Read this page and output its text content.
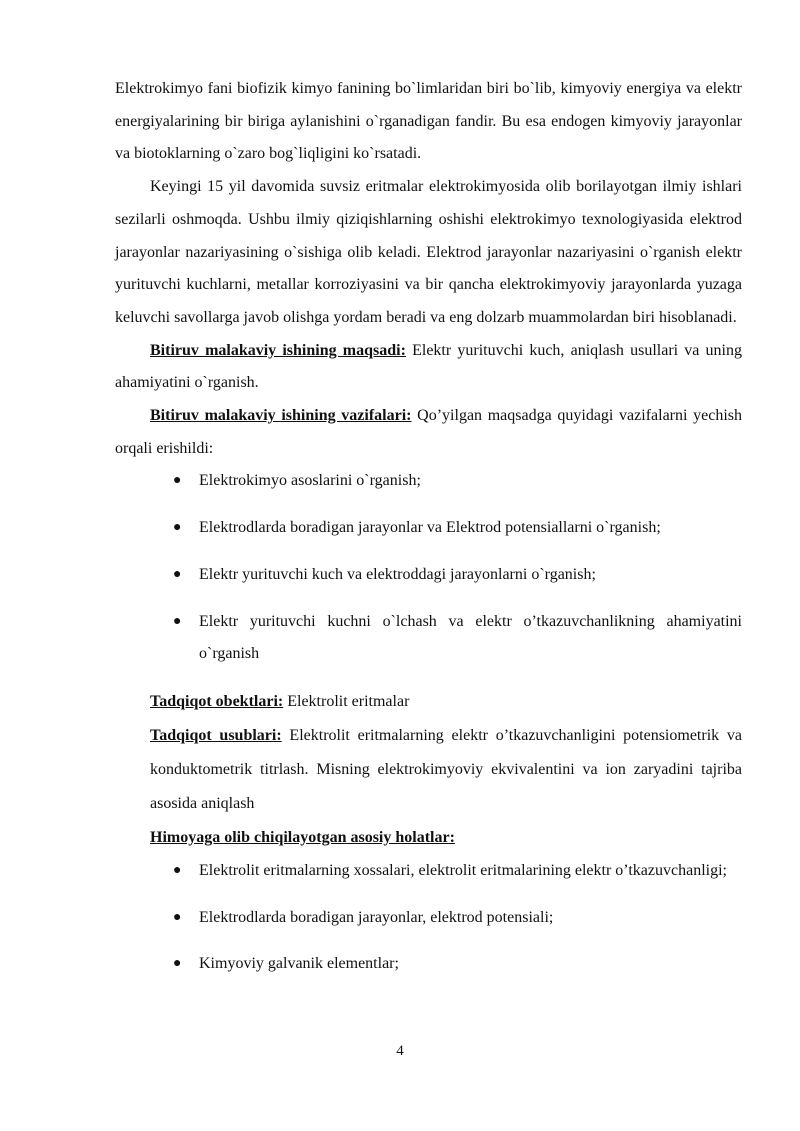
Elektrokimyo fani biofizik kimyo fanining bo`limlaridan biri bo`lib, kimyoviy energiya va elektr energiyalarining bir biriga aylanishini o`rganadigan fandir. Bu esa endogen kimyoviy jarayonlar va biotoklarning o`zaro bog`liqligini ko`rsatadi.

Keyingi 15 yil davomida suvsiz eritmalar elektrokimyosida olib borilayotgan ilmiy ishlari sezilarli oshmoqda. Ushbu ilmiy qiziqishlarning oshishi elektrokimyo texnologiyasida elektrod jarayonlar nazariyasining o`sishiga olib keladi. Elektrod jarayonlar nazariyasini o`rganish elektr yurituvchi kuchlarni, metallar korroziyasini va bir qancha elektrokimyoviy jarayonlarda yuzaga keluvchi savollarga javob olishga yordam beradi va eng dolzarb muammolardan biri hisoblanadi.

Bitiruv malakaviy ishining maqsadi: Elektr yurituvchi kuch, aniqlash usullari va uning ahamiyatini o`rganish.

Bitiruv malakaviy ishining vazifalari: Qo’yilgan maqsadga quyidagi vazifalarni yechish orqali erishildi:

● Elektrokimyo asoslarini o`rganish;
● Elektrodlarda boradigan jarayonlar va Elektrod potensiallarni o`rganish;
● Elektr yurituvchi kuch va elektroddagi jarayonlarni o`rganish;
● Elektr yurituvchi kuchni o`lchash va elektr o’tkazuvchanlikning ahamiyatini o`rganish

Tadqiqot obektlari: Elektrolit eritmalar

Tadqiqot usublari: Elektrolit eritmalarning elektr o’tkazuvchanligini potensiometrik va konduktometrik titrlash. Misning elektrokimyoviy ekvivalentini va ion zaryadini tajriba asosida aniqlash

Himoyaga olib chiqilayotgan asosiy holatlar:

● Elektrolit eritmalarning xossalari, elektrolit eritmalarining elektr o’tkazuvchanligi;
● Elektrodlarda boradigan jarayonlar, elektrod potensiali;
● Kimyoviy galvanik elementlar;
4
